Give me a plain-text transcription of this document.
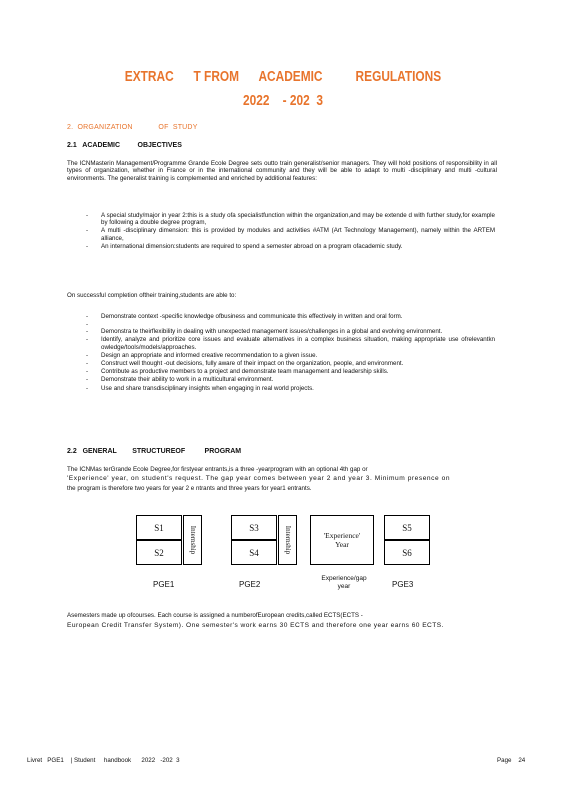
EXTRAC      T FROM      ACADEMIC          REGULATIONS
2022    - 202  3
2.  ORGANIZATION            OF  STUDY
2.1   ACADEMIC         OBJECTIVES
The ICNMasterin Management/Programme Grande Ecole Degree sets outto train generalist/senior managers. They will hold positions of responsibility in all types of organization, whether in France or in the international community and they will be able to adapt to multi -disciplinary and multi -cultural environments. The generalist training is complemented and enriched by additional features:
- A special study/major in year 2:this is a study ofa specialistfunction within the organization,and may be extende d with further study,for example by following a double degree program,
- A multi -disciplinary dimension: this is provided by modules and activities #ATM (Art Technology Management), namely within the ARTEM alliance,
- An international dimension:students are required to spend a semester abroad on a program ofacademic study.
On successful completion oftheir training,students are able to:
- Demonstrate context -specific knowledge ofbusiness and communicate this effectively in written and oral form.
-
- Demonstra te theirflexibility in dealing with unexpected management issues/challenges in a global and evolving environment.
- Identify, analyze and prioritize core issues and evaluate alternatives in a complex business situation, making appropriate use ofrelevantkn owledge/tools/models/approaches.
- Design an appropriate and informed creative recommendation to a given issue.
- Construct well thought -out decisions, fully aware of their impact on the organization, people, and environment.
- Contribute as productive members to a project and demonstrate team management and leadership skills.
- Demonstrate their ability to work in a multicultural environment.
- Use and share transdisciplinary insights when engaging in real world projects.
2.2   GENERAL        STRUCTUREOF          PROGRAM
The ICNMas terGrande Ecole Degree,for firstyear entrants,is a three -yearprogram with an optional 4th gap or
'Experience' year, on student's request. The gap year comes between year 2 and year 3. Minimum presence on
the program is therefore two years for year 2 e ntrants and three years for year1 entrants.
S1
S2	Internship	S3
S4	Internship	'Experience'
Year
S5
S6
PGE1	PGE2
Experience/gap
year	PGE3
Asemesters made up ofcourses. Each course is assigned a numberofEuropean credits,called ECTS(ECTS -
European Credit Transfer System). One semester's work earns 30 ECTS and therefore one year earns 60 ECTS.
Livret   PGE1    | Student     handbook      2022   -202  3	Page    24
